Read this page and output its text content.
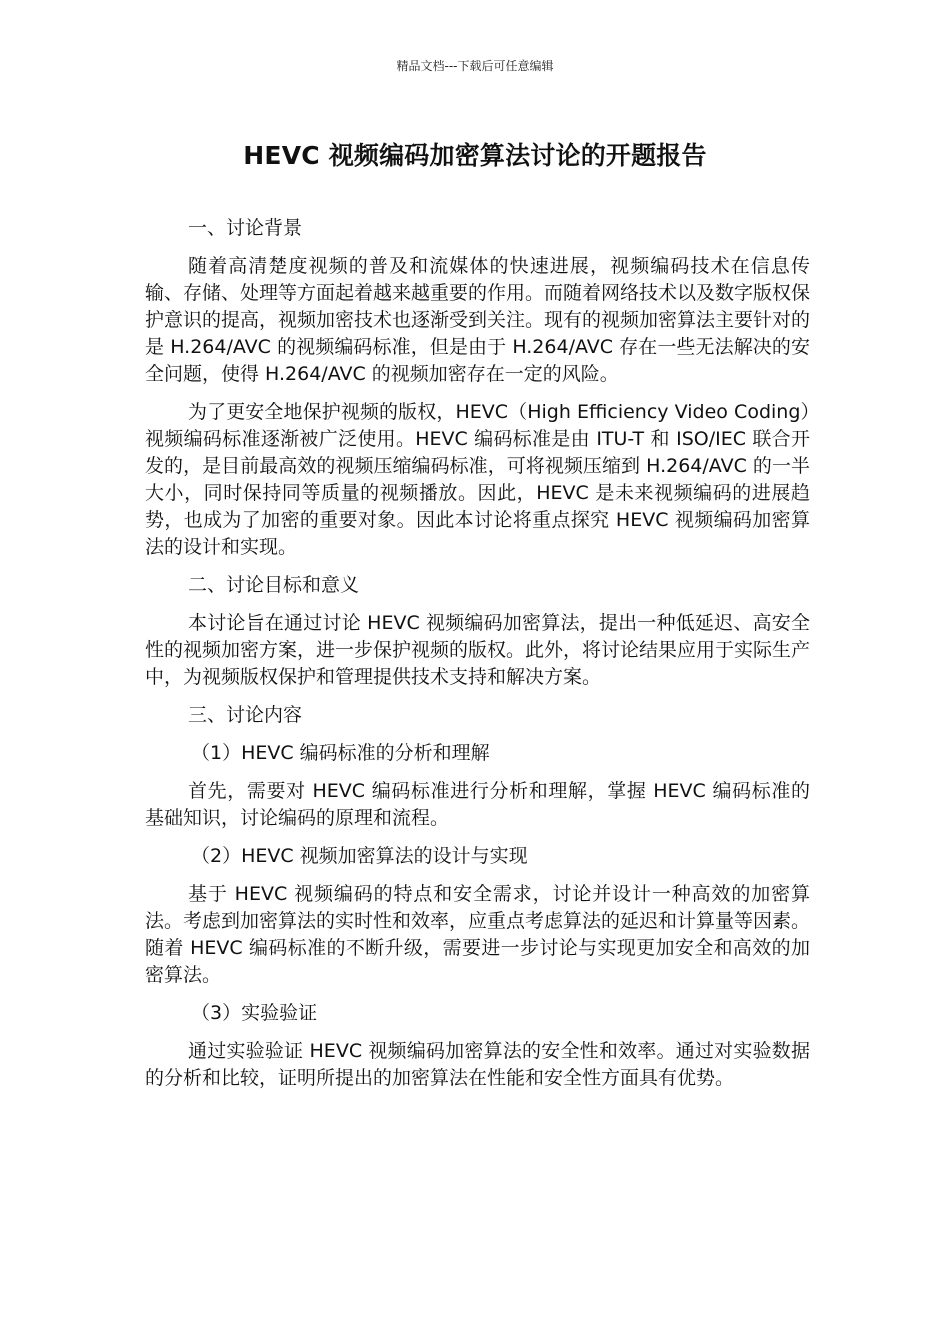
精品文档---下载后可任意编辑
HEVC 视频编码加密算法讨论的开题报告
一、讨论背景

随着高清楚度视频的普及和流媒体的快速进展，视频编码技术在信息传输、存储、处理等方面起着越来越重要的作用。而随着网络技术以及数字版权保护意识的提高，视频加密技术也逐渐受到关注。现有的视频加密算法主要针对的是 H.264/AVC 的视频编码标准，但是由于 H.264/AVC 存在一些无法解决的安全问题，使得 H.264/AVC 的视频加密存在一定的风险。

为了更安全地保护视频的版权，HEVC（High Efficiency Video Coding）视频编码标准逐渐被广泛使用。HEVC 编码标准是由 ITU-T 和 ISO/IEC 联合开发的，是目前最高效的视频压缩编码标准，可将视频压缩到 H.264/AVC 的一半大小，同时保持同等质量的视频播放。因此，HEVC 是未来视频编码的进展趋势，也成为了加密的重要对象。因此本讨论将重点探究 HEVC 视频编码加密算法的设计和实现。

二、讨论目标和意义

本讨论旨在通过讨论 HEVC 视频编码加密算法，提出一种低延迟、高安全性的视频加密方案，进一步保护视频的版权。此外，将讨论结果应用于实际生产中，为视频版权保护和管理提供技术支持和解决方案。

三、讨论内容
（1）HEVC 编码标准的分析和理解

首先，需要对 HEVC 编码标准进行分析和理解，掌握 HEVC 编码标准的基础知识，讨论编码的原理和流程。

（2）HEVC 视频加密算法的设计与实现

基于 HEVC 视频编码的特点和安全需求，讨论并设计一种高效的加密算法。考虑到加密算法的实时性和效率，应重点考虑算法的延迟和计算量等因素。随着 HEVC 编码标准的不断升级，需要进一步讨论与实现更加安全和高效的加密算法。

（3）实验验证

通过实验验证 HEVC 视频编码加密算法的安全性和效率。通过对实验数据的分析和比较，证明所提出的加密算法在性能和安全性方面具有优势。
